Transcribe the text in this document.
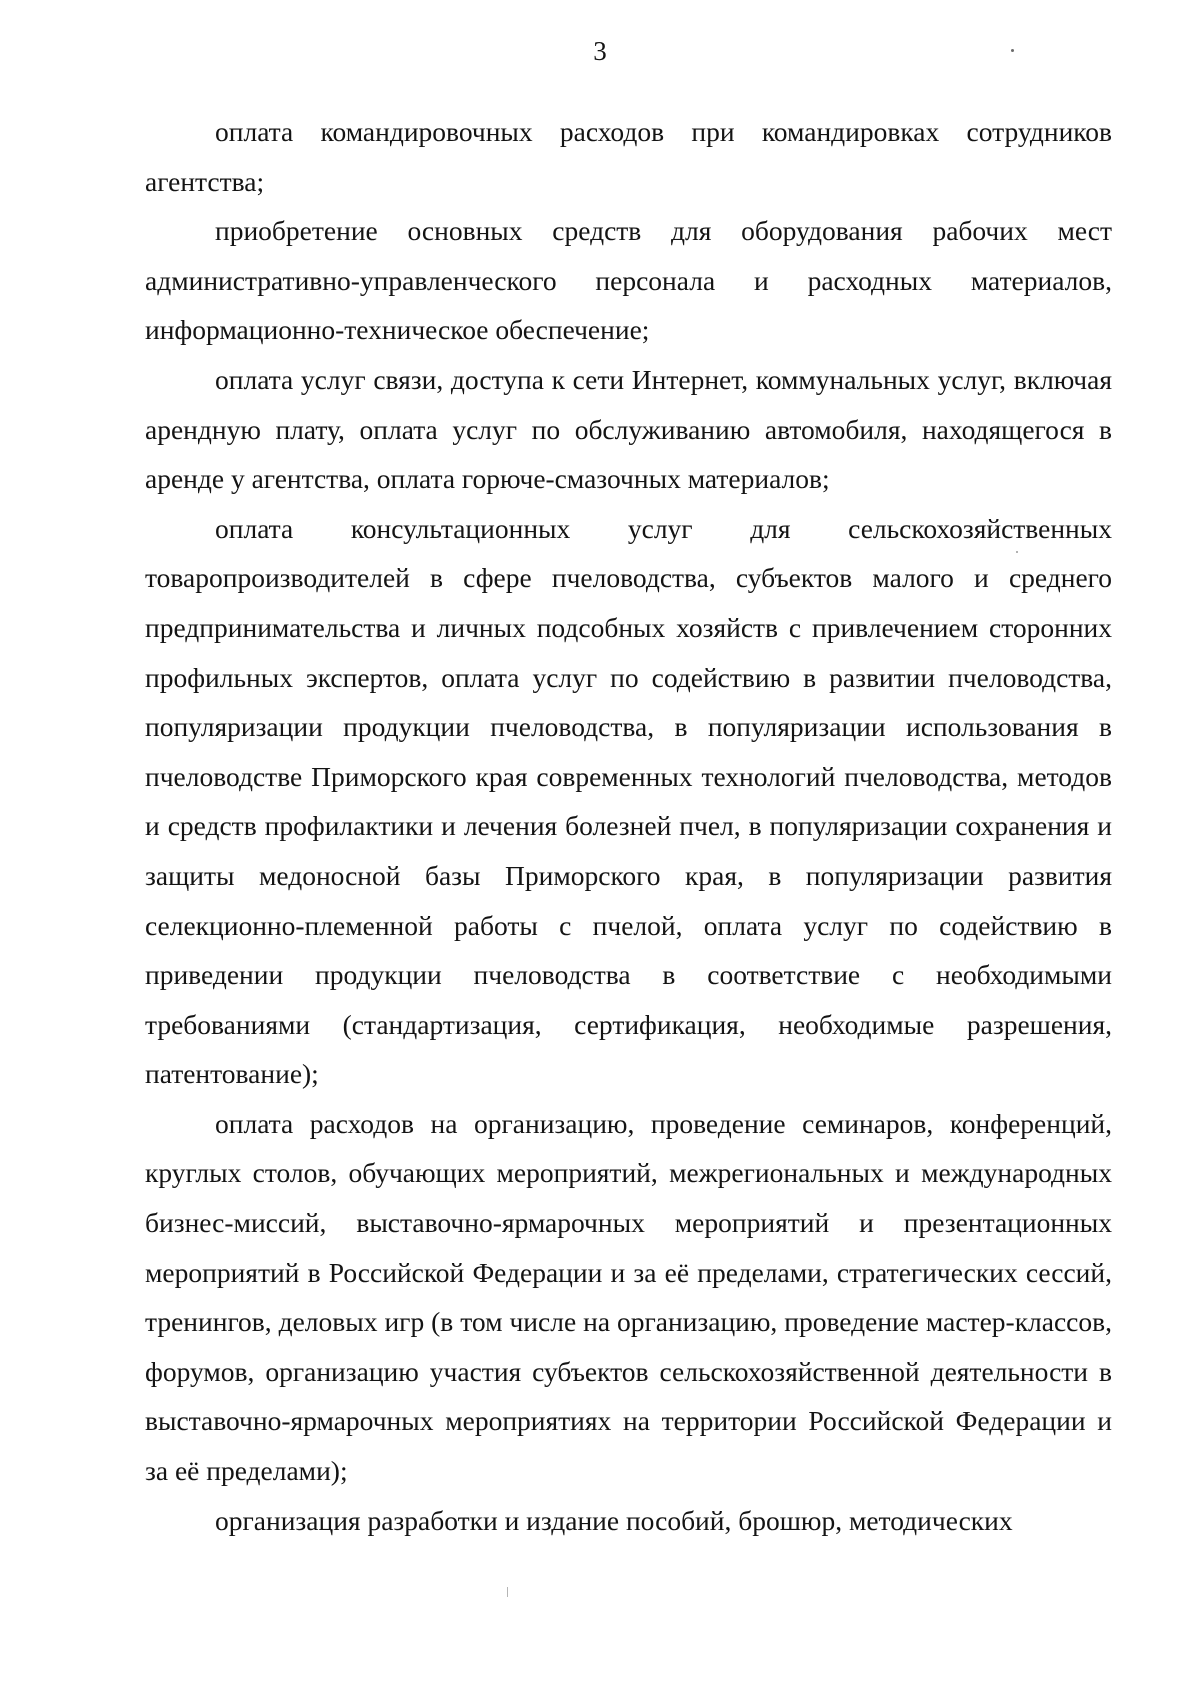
3

оплата командировочных расходов при командировках сотрудников агентства;

приобретение основных средств для оборудования рабочих мест административно-управленческого персонала и расходных материалов, информационно-техническое обеспечение;

оплата услуг связи, доступа к сети Интернет, коммунальных услуг, включая арендную плату, оплата услуг по обслуживанию автомобиля, находящегося в аренде у агентства, оплата горюче-смазочных материалов;

оплата консультационных услуг для сельскохозяйственных товаропроизводителей в сфере пчеловодства, субъектов малого и среднего предпринимательства и личных подсобных хозяйств с привлечением сторонних профильных экспертов, оплата услуг по содействию в развитии пчеловодства, популяризации продукции пчеловодства, в популяризации использования в пчеловодстве Приморского края современных технологий пчеловодства, методов и средств профилактики и лечения болезней пчел, в популяризации сохранения и защиты медоносной базы Приморского края, в популяризации развития селекционно-племенной работы с пчелой, оплата услуг по содействию в приведении продукции пчеловодства в соответствие с необходимыми требованиями (стандартизация, сертификация, необходимые разрешения, патентование);

оплата расходов на организацию, проведение семинаров, конференций, круглых столов, обучающих мероприятий, межрегиональных и международных бизнес-миссий, выставочно-ярмарочных мероприятий и презентационных мероприятий в Российской Федерации и за её пределами, стратегических сессий, тренингов, деловых игр (в том числе на организацию, проведение мастер-классов, форумов, организацию участия субъектов сельскохозяйственной деятельности в выставочно-ярмарочных мероприятиях на территории Российской Федерации и за её пределами);

организация разработки и издание пособий, брошюр, методических
